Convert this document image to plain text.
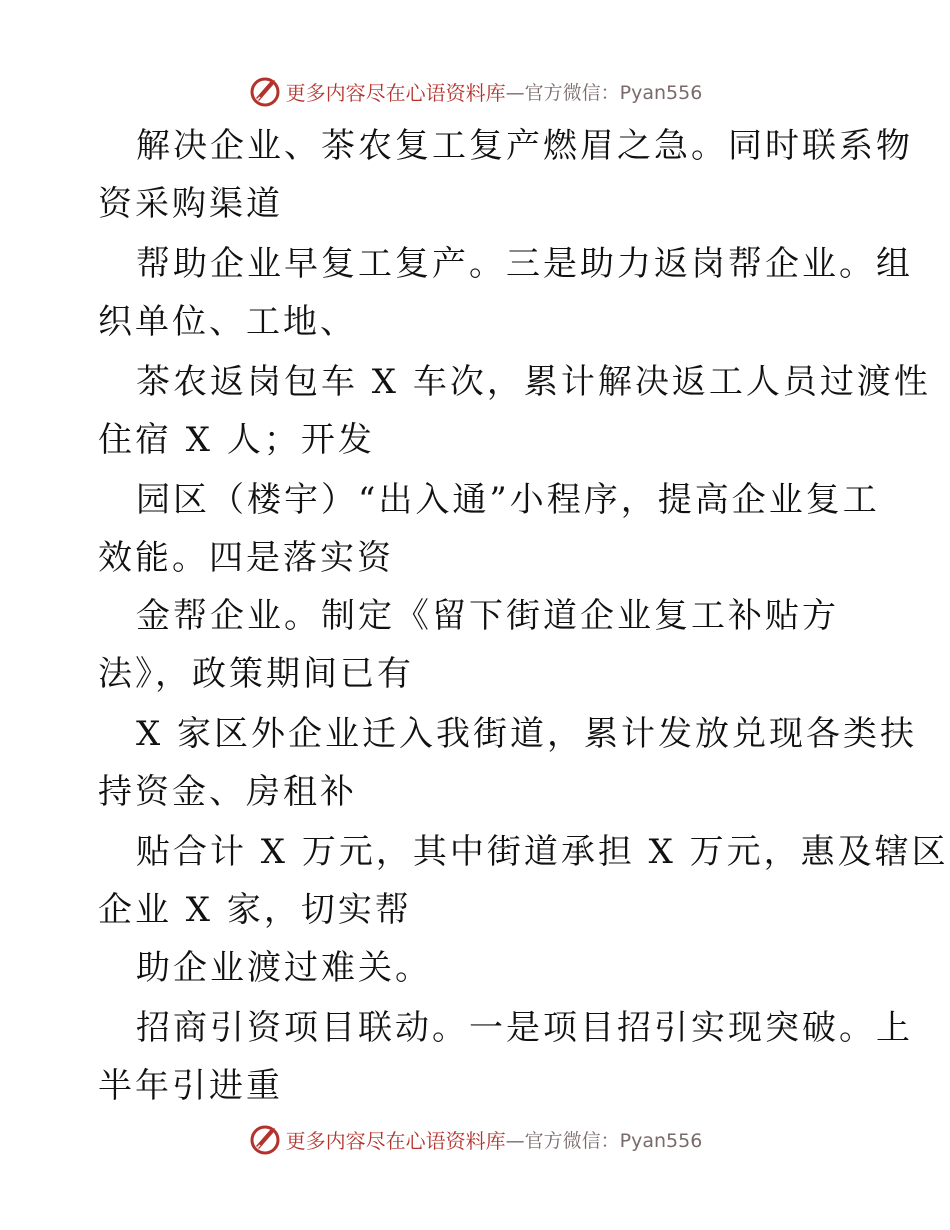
更多内容尽在心语资料库 —官方微信：Pyan556
解决企业、茶农复工复产燃眉之急。同时联系物
资采购渠道
帮助企业早复工复产。三是助力返岗帮企业。组
织单位、工地、
茶农返岗包车 X 车次，累计解决返工人员过渡性
住宿 X 人；开发
园区（楼宇）“出入通”小程序，提高企业复工
效能。四是落实资
金帮企业。制定《留下街道企业复工补贴方
法》，政策期间已有
X 家区外企业迁入我街道，累计发放兑现各类扶
持资金、房租补
贴合计 X 万元，其中街道承担 X 万元，惠及辖区
企业 X 家，切实帮
助企业渡过难关。
招商引资项目联动。一是项目招引实现突破。上
半年引进重
更多内容尽在心语资料库 —官方微信：Pyan556
